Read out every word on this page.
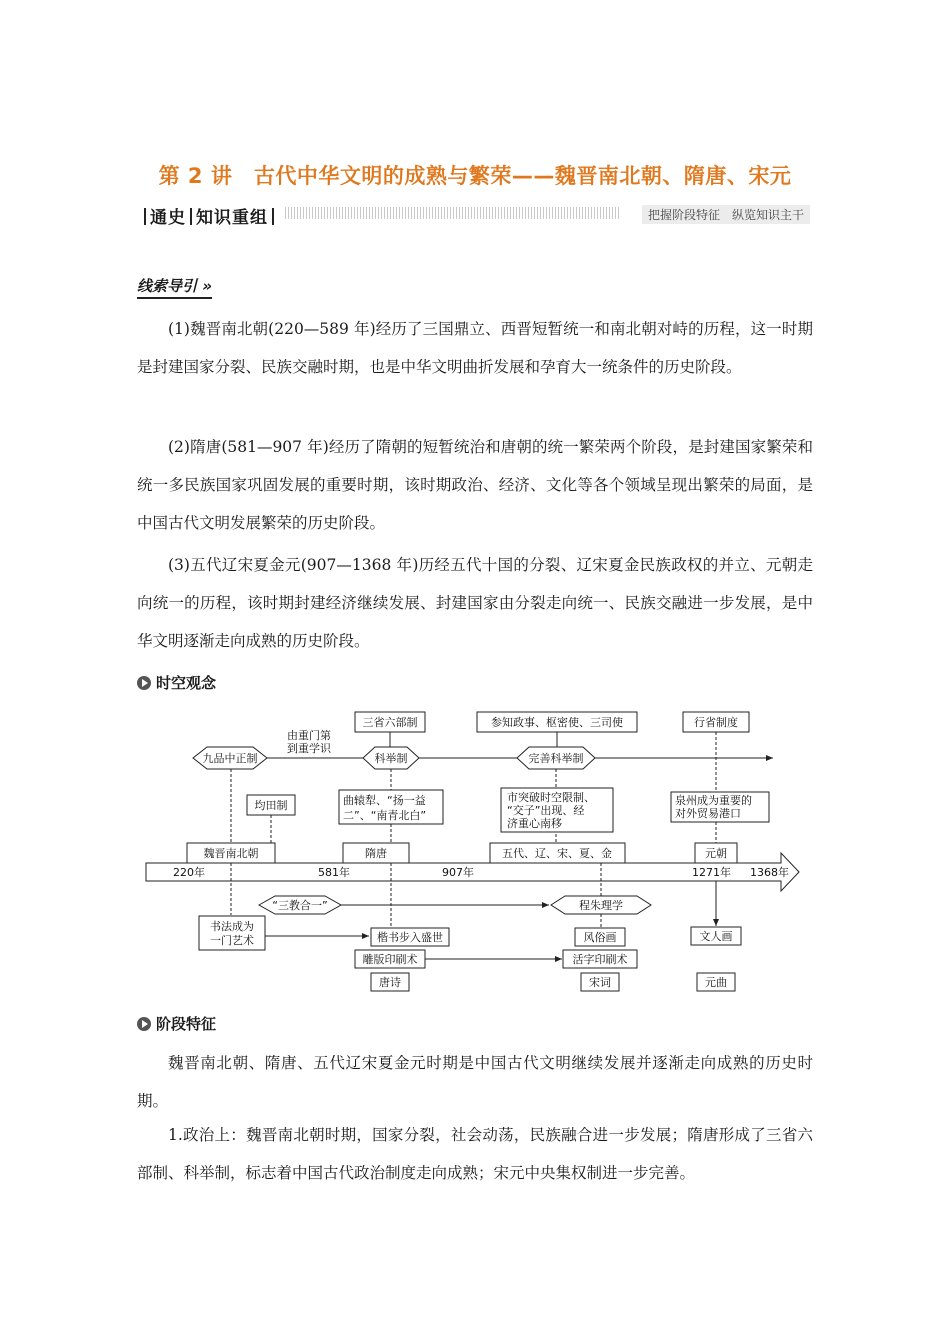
第 2 讲　古代中华文明的成熟与繁荣——魏晋南北朝、隋唐、宋元
通史 知识重组	把握阶段特征　纵览知识主干
线索导引 »
(1)魏晋南北朝(220—589 年)经历了三国鼎立、西晋短暂统一和南北朝对峙的历程，这一时期是封建国家分裂、民族交融时期，也是中华文明曲折发展和孕育大一统条件的历史阶段。
(2)隋唐(581—907 年)经历了隋朝的短暂统治和唐朝的统一繁荣两个阶段，是封建国家繁荣和统一多民族国家巩固发展的重要时期，该时期政治、经济、文化等各个领域呈现出繁荣的局面，是中国古代文明发展繁荣的历史阶段。
(3)五代辽宋夏金元(907—1368 年)历经五代十国的分裂、辽宋夏金民族政权的并立、元朝走向统一的历程，该时期封建经济继续发展、封建国家由分裂走向统一、民族交融进一步发展，是中华文明逐渐走向成熟的历史阶段。
时空观念
魏晋南北朝	隋唐	五代、辽、宋、夏、金	元朝
220年	581年	907年	1271年 1368年
由重门第
到重学识
九品中正制	科举制	完善科举制
三省六部制	参知政事、枢密使、三司使	行省制度
均田制	曲辕犁、“扬一益
二”、“南青北白”
市突破时空限制、
“交子”出现、经
济重心南移
泉州成为重要的
对外贸易港口
“三教合一”	程朱理学
书法成为
一门艺术	楷书步入盛世
雕版印刷术
唐诗
风俗画
活字印刷术
宋词
文人画
元曲
阶段特征
魏晋南北朝、隋唐、五代辽宋夏金元时期是中国古代文明继续发展并逐渐走向成熟的历史时期。
1.政治上：魏晋南北朝时期，国家分裂，社会动荡，民族融合进一步发展；隋唐形成了三省六部制、科举制，标志着中国古代政治制度走向成熟；宋元中央集权制进一步完善。
